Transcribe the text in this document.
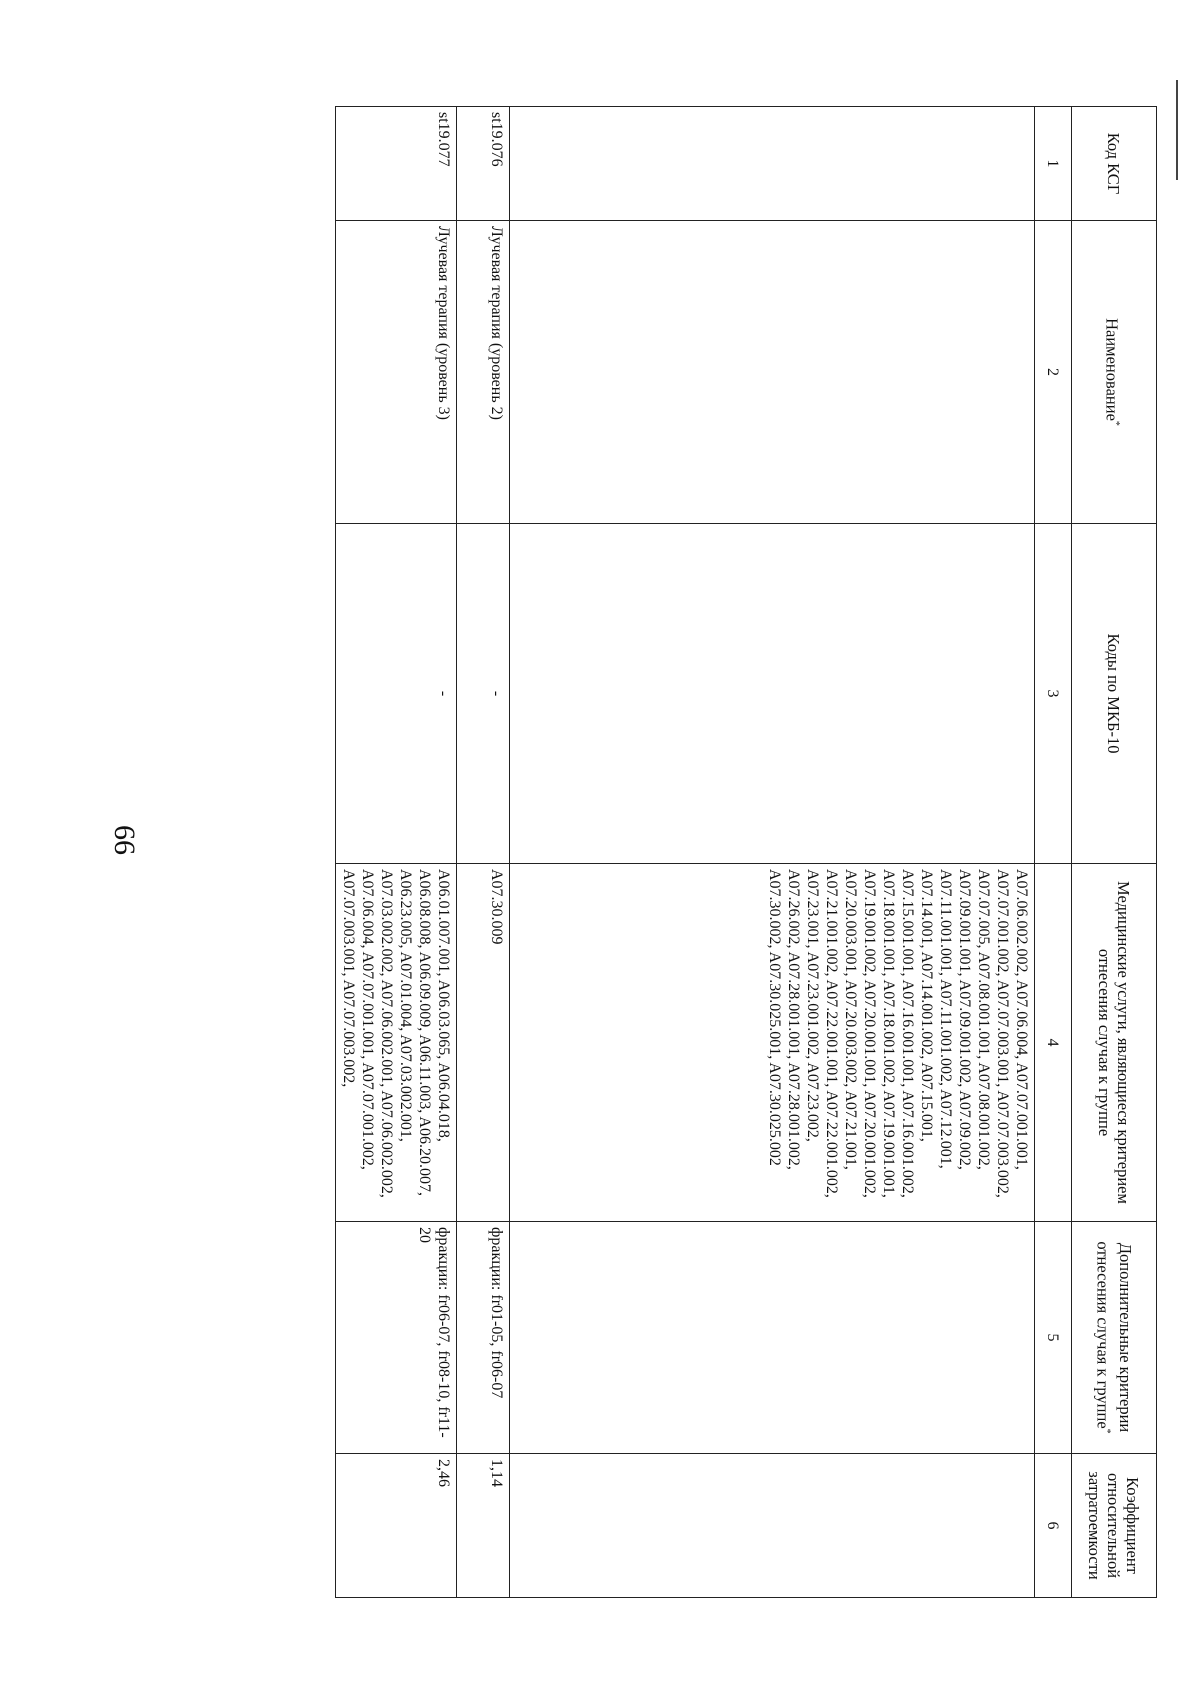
66
Код КСГ	Наименование*	Коды по МКБ-10	Медицинские услуги, являющиеся критерием отнесения случая к группе	Дополнительные критерии отнесения случая к группе*	Коэффициент относительной затратоемкости
1	2	3	4	5	6
			A07.06.002.002, A07.06.004, A07.07.001.001, A07.07.001.002, A07.07.003.001, A07.07.003.002, A07.07.005, A07.08.001.001, A07.08.001.002, A07.09.001.001, A07.09.001.002, A07.09.002, A07.11.001.001, A07.11.001.002, A07.12.001, A07.14.001, A07.14.001.002, A07.15.001, A07.15.001.001, A07.16.001.001, A07.16.001.002, A07.18.001.001, A07.18.001.002, A07.19.001.001, A07.19.001.002, A07.20.001.001, A07.20.001.002, A07.20.003.001, A07.20.003.002, A07.21.001, A07.21.001.002, A07.22.001.001, A07.22.001.002, A07.23.001, A07.23.001.002, A07.23.002, A07.26.002, A07.28.001.001, A07.28.001.002, A07.30.002, A07.30.025.001, A07.30.025.002		
st19.076	Лучевая терапия (уровень 2)	-	A07.30.009	фракции: fr01-05, fr06-07	1,14
st19.077	Лучевая терапия (уровень 3)	-	A06.01.007.001, A06.03.065, A06.04.018, A06.08.008, A06.09.009, A06.11.003, A06.20.007, A06.23.005, A07.01.004, A07.03.002.001, A07.03.002.002, A07.06.002.001, A07.06.002.002, A07.06.004, A07.07.001.001, A07.07.001.002, A07.07.003.001, A07.07.003.002,	фракции: fr06-07, fr08-10, fr11-20	2,46
